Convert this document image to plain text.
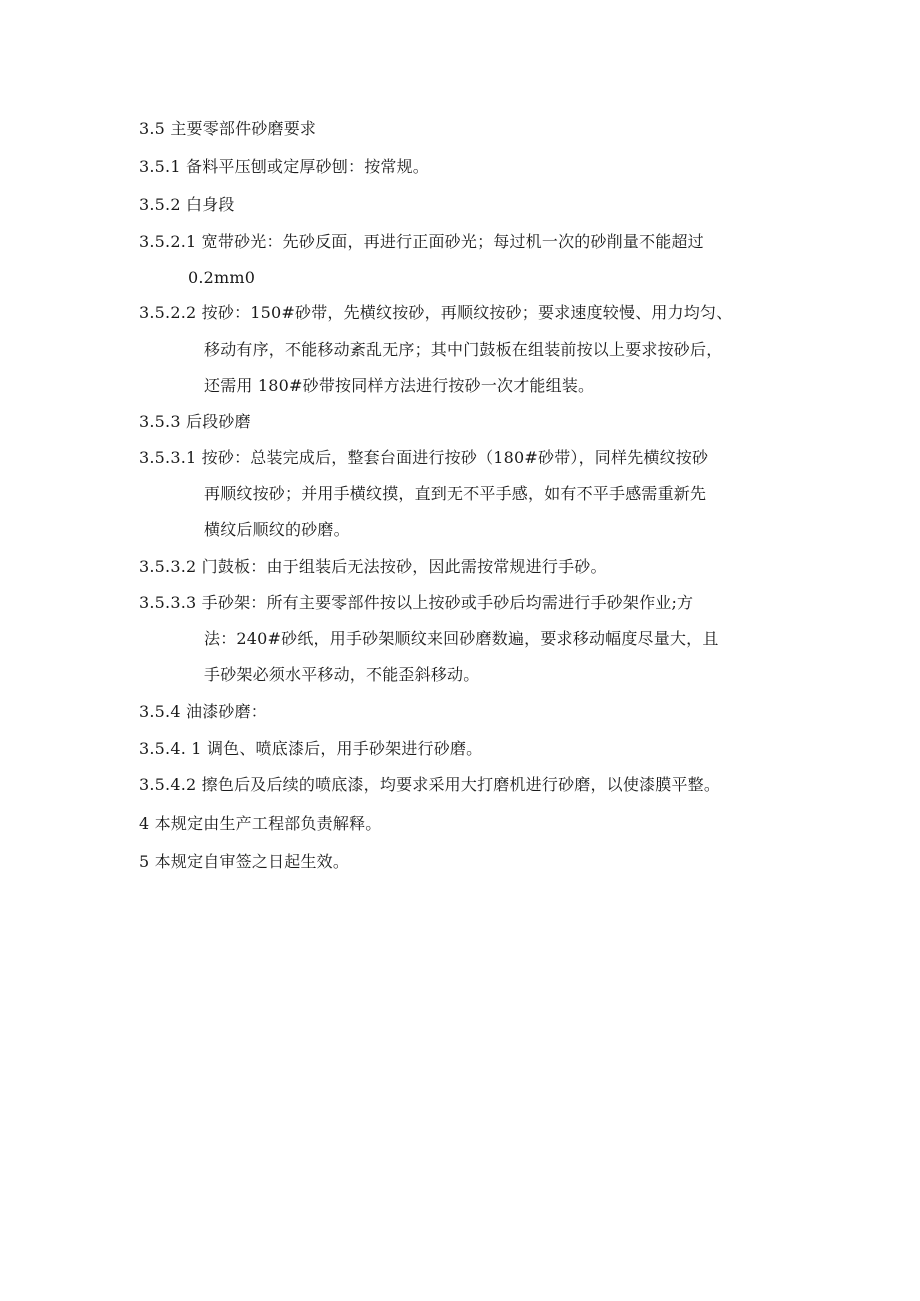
3.5 主要零部件砂磨要求
3.5.1 备料平压刨或定厚砂刨：按常规。
3.5.2 白身段
3.5.2.1 宽带砂光：先砂反面，再进行正面砂光；每过机一次的砂削量不能超过
0.2mm0
3.5.2.2 按砂：150#砂带，先横纹按砂，再顺纹按砂；要求速度较慢、用力均匀、
移动有序，不能移动紊乱无序；其中门鼓板在组装前按以上要求按砂后，
还需用 180#砂带按同样方法进行按砂一次才能组装。
3.5.3 后段砂磨
3.5.3.1 按砂：总装完成后，整套台面进行按砂（180#砂带），同样先横纹按砂
再顺纹按砂；并用手横纹摸，直到无不平手感，如有不平手感需重新先
横纹后顺纹的砂磨。
3.5.3.2 门鼓板：由于组装后无法按砂，因此需按常规进行手砂。
3.5.3.3 手砂架：所有主要零部件按以上按砂或手砂后均需进行手砂架作业;方
法：240#砂纸，用手砂架顺纹来回砂磨数遍，要求移动幅度尽量大，且
手砂架必须水平移动，不能歪斜移动。
3.5.4 油漆砂磨：
3.5.4. 1 调色、喷底漆后，用手砂架进行砂磨。
3.5.4.2 擦色后及后续的喷底漆，均要求采用大打磨机进行砂磨，以使漆膜平整。
4 本规定由生产工程部负责解释。
5 本规定自审签之日起生效。
